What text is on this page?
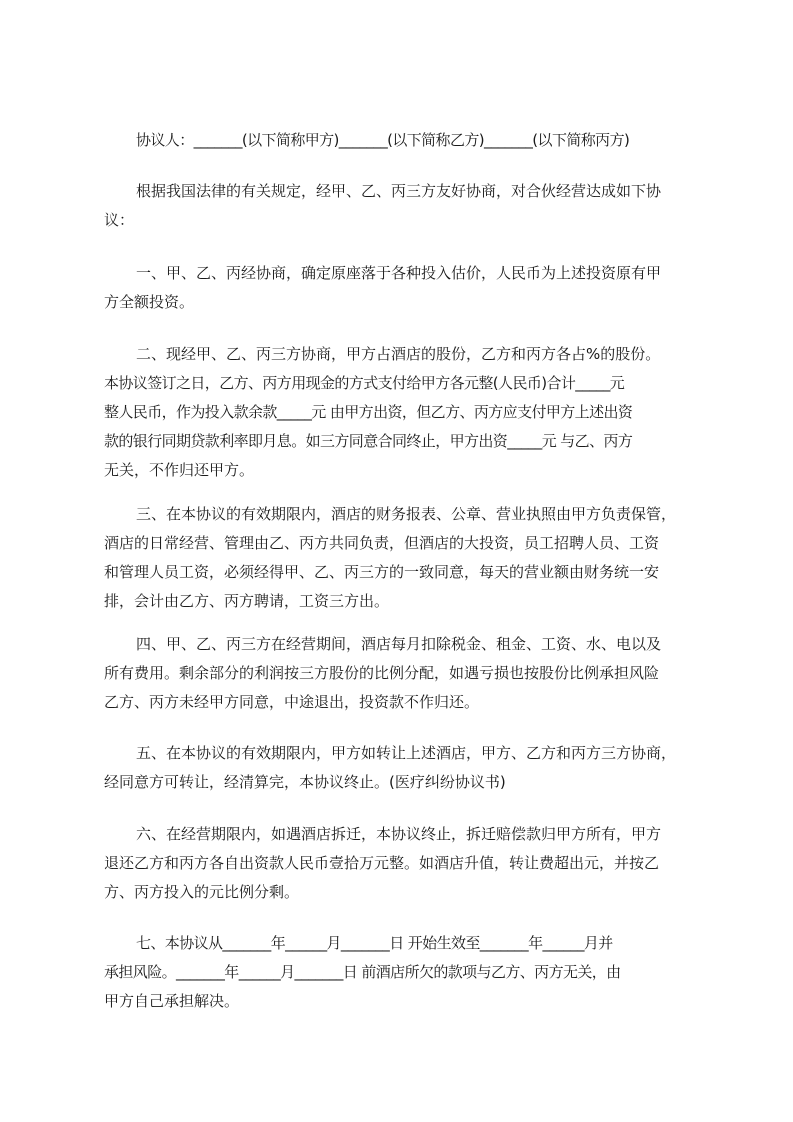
协议人：_______(以下简称甲方)_______(以下简称乙方)_______(以下简称丙方)
根据我国法律的有关规定，经甲、乙、丙三方友好协商，对合伙经营达成如下协
议：
一、甲、乙、丙经协商，确定原座落于各种投入估价，人民币为上述投资原有甲
方全额投资。
二、现经甲、乙、丙三方协商，甲方占酒店的股份，乙方和丙方各占%的股份。
本协议签订之日，乙方、丙方用现金的方式支付给甲方各元整(人民币)合计_____元
整人民币，作为投入款余款_____元 由甲方出资，但乙方、丙方应支付甲方上述出资
款的银行同期贷款利率即月息。如三方同意合同终止，甲方出资_____元 与乙、丙方
无关，不作归还甲方。
三、在本协议的有效期限内，酒店的财务报表、公章、营业执照由甲方负责保管，
酒店的日常经营、管理由乙、丙方共同负责，但酒店的大投资，员工招聘人员、工资
和管理人员工资，必须经得甲、乙、丙三方的一致同意，每天的营业额由财务统一安
排，会计由乙方、丙方聘请，工资三方出。
四、甲、乙、丙三方在经营期间，酒店每月扣除税金、租金、工资、水、电以及
所有费用。剩余部分的利润按三方股份的比例分配，如遇亏损也按股份比例承担风险
乙方、丙方未经甲方同意，中途退出，投资款不作归还。
五、在本协议的有效期限内，甲方如转让上述酒店，甲方、乙方和丙方三方协商，
经同意方可转让，经清算完，本协议终止。(医疗纠纷协议书)
六、在经营期限内，如遇酒店拆迁，本协议终止，拆迁赔偿款归甲方所有，甲方
退还乙方和丙方各自出资款人民币壹拾万元整。如酒店升值，转让费超出元，并按乙
方、丙方投入的元比例分剩。
七、本协议从_______年______月_______日 开始生效至_______年______月并
承担风险。_______年______月_______日 前酒店所欠的款项与乙方、丙方无关，由
甲方自己承担解决。
